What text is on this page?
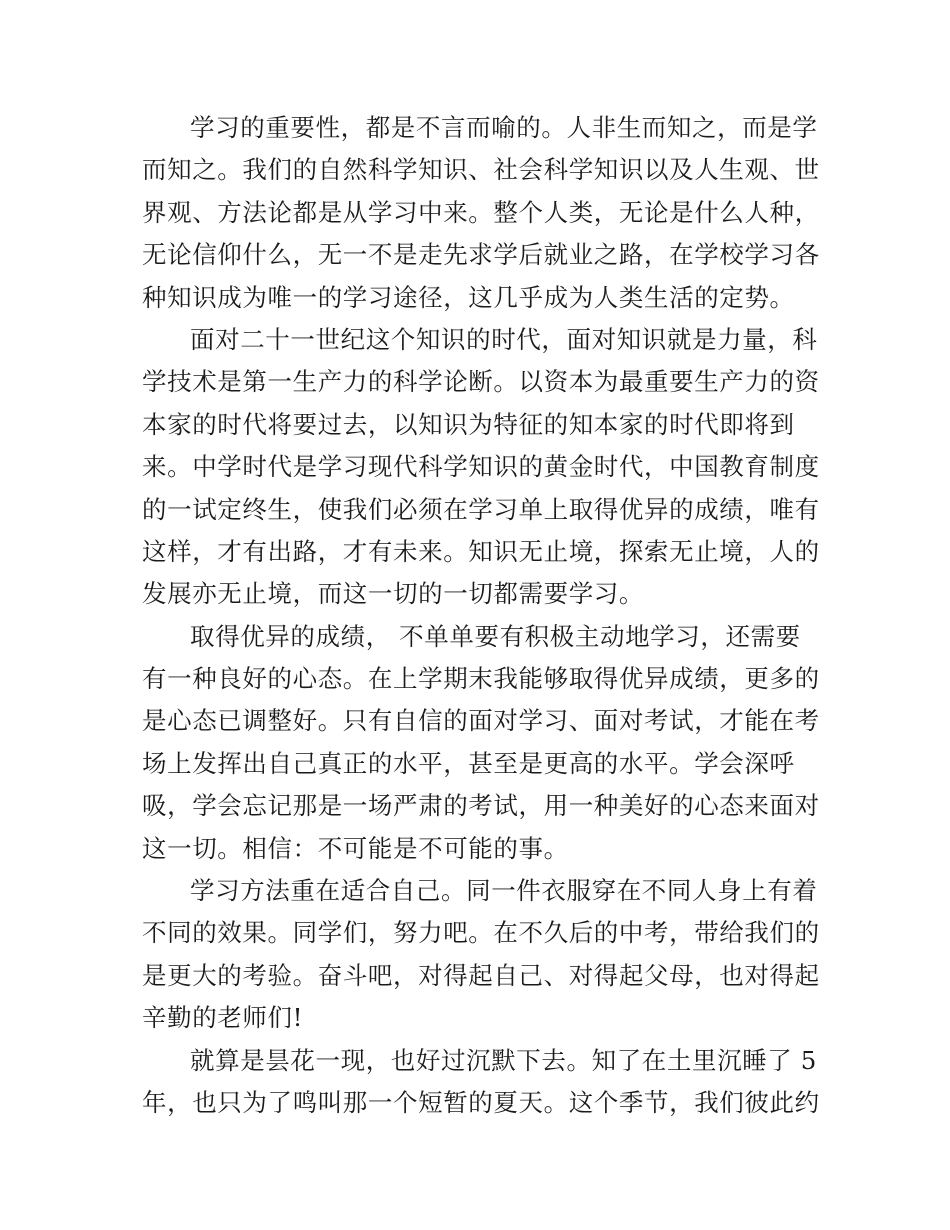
学习的重要性，都是不言而喻的。人非生而知之，而是学
而知之。我们的自然科学知识、社会科学知识以及人生观、世
界观、方法论都是从学习中来。整个人类，无论是什么人种，
无论信仰什么，无一不是走先求学后就业之路，在学校学习各
种知识成为唯一的学习途径，这几乎成为人类生活的定势。
面对二十一世纪这个知识的时代，面对知识就是力量，科
学技术是第一生产力的科学论断。以资本为最重要生产力的资
本家的时代将要过去，以知识为特征的知本家的时代即将到
来。中学时代是学习现代科学知识的黄金时代，中国教育制度
的一试定终生，使我们必须在学习单上取得优异的成绩，唯有
这样，才有出路，才有未来。知识无止境，探索无止境，人的
发展亦无止境，而这一切的一切都需要学习。
取得优异的成绩， 不单单要有积极主动地学习，还需要
有一种良好的心态。在上学期末我能够取得优异成绩，更多的
是心态已调整好。只有自信的面对学习、面对考试，才能在考
场上发挥出自己真正的水平，甚至是更高的水平。学会深呼
吸，学会忘记那是一场严肃的考试，用一种美好的心态来面对
这一切。相信：不可能是不可能的事。
学习方法重在适合自己。同一件衣服穿在不同人身上有着
不同的效果。同学们，努力吧。在不久后的中考，带给我们的
是更大的考验。奋斗吧，对得起自己、对得起父母，也对得起
辛勤的老师们!
就算是昙花一现，也好过沉默下去。知了在土里沉睡了 5
年，也只为了鸣叫那一个短暂的夏天。这个季节，我们彼此约
